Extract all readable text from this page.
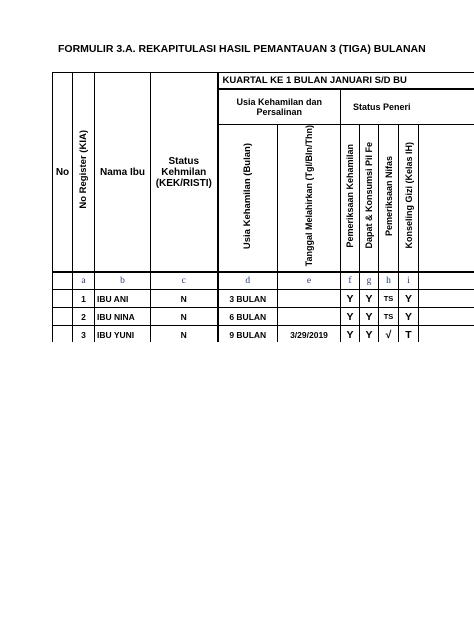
FORMULIR 3.A. REKAPITULASI HASIL PEMANTAUAN 3 (TIGA) BULANAN
No	No Register (KIA)	Nama Ibu	Status Kehmilan (KEK/RISTI)	KUARTAL KE 1 BULAN JANUARI S/D BU						
				Usia Kehamilan dan Persalinan		Status Peneri				
				Usia Kehamilan (Bulan)	Tanggal Melahirkan (Tgl/Bln/Thn)	Pemeriksaan Kehamilan	Dapat & Konsumsi Pil Fe	Pemeriksaan Nifas	Konseling Gizi (Kelas IH)	
	a	b	c	d	e	f	g	h	i	
	1	IBU ANI	N	3 BULAN		Y	Y	TS	Y	
	2	IBU NINA	N	6 BULAN		Y	Y	TS	Y	
	3	IBU YUNI	N	9 BULAN	3/29/2019	Y	Y	√	T	
